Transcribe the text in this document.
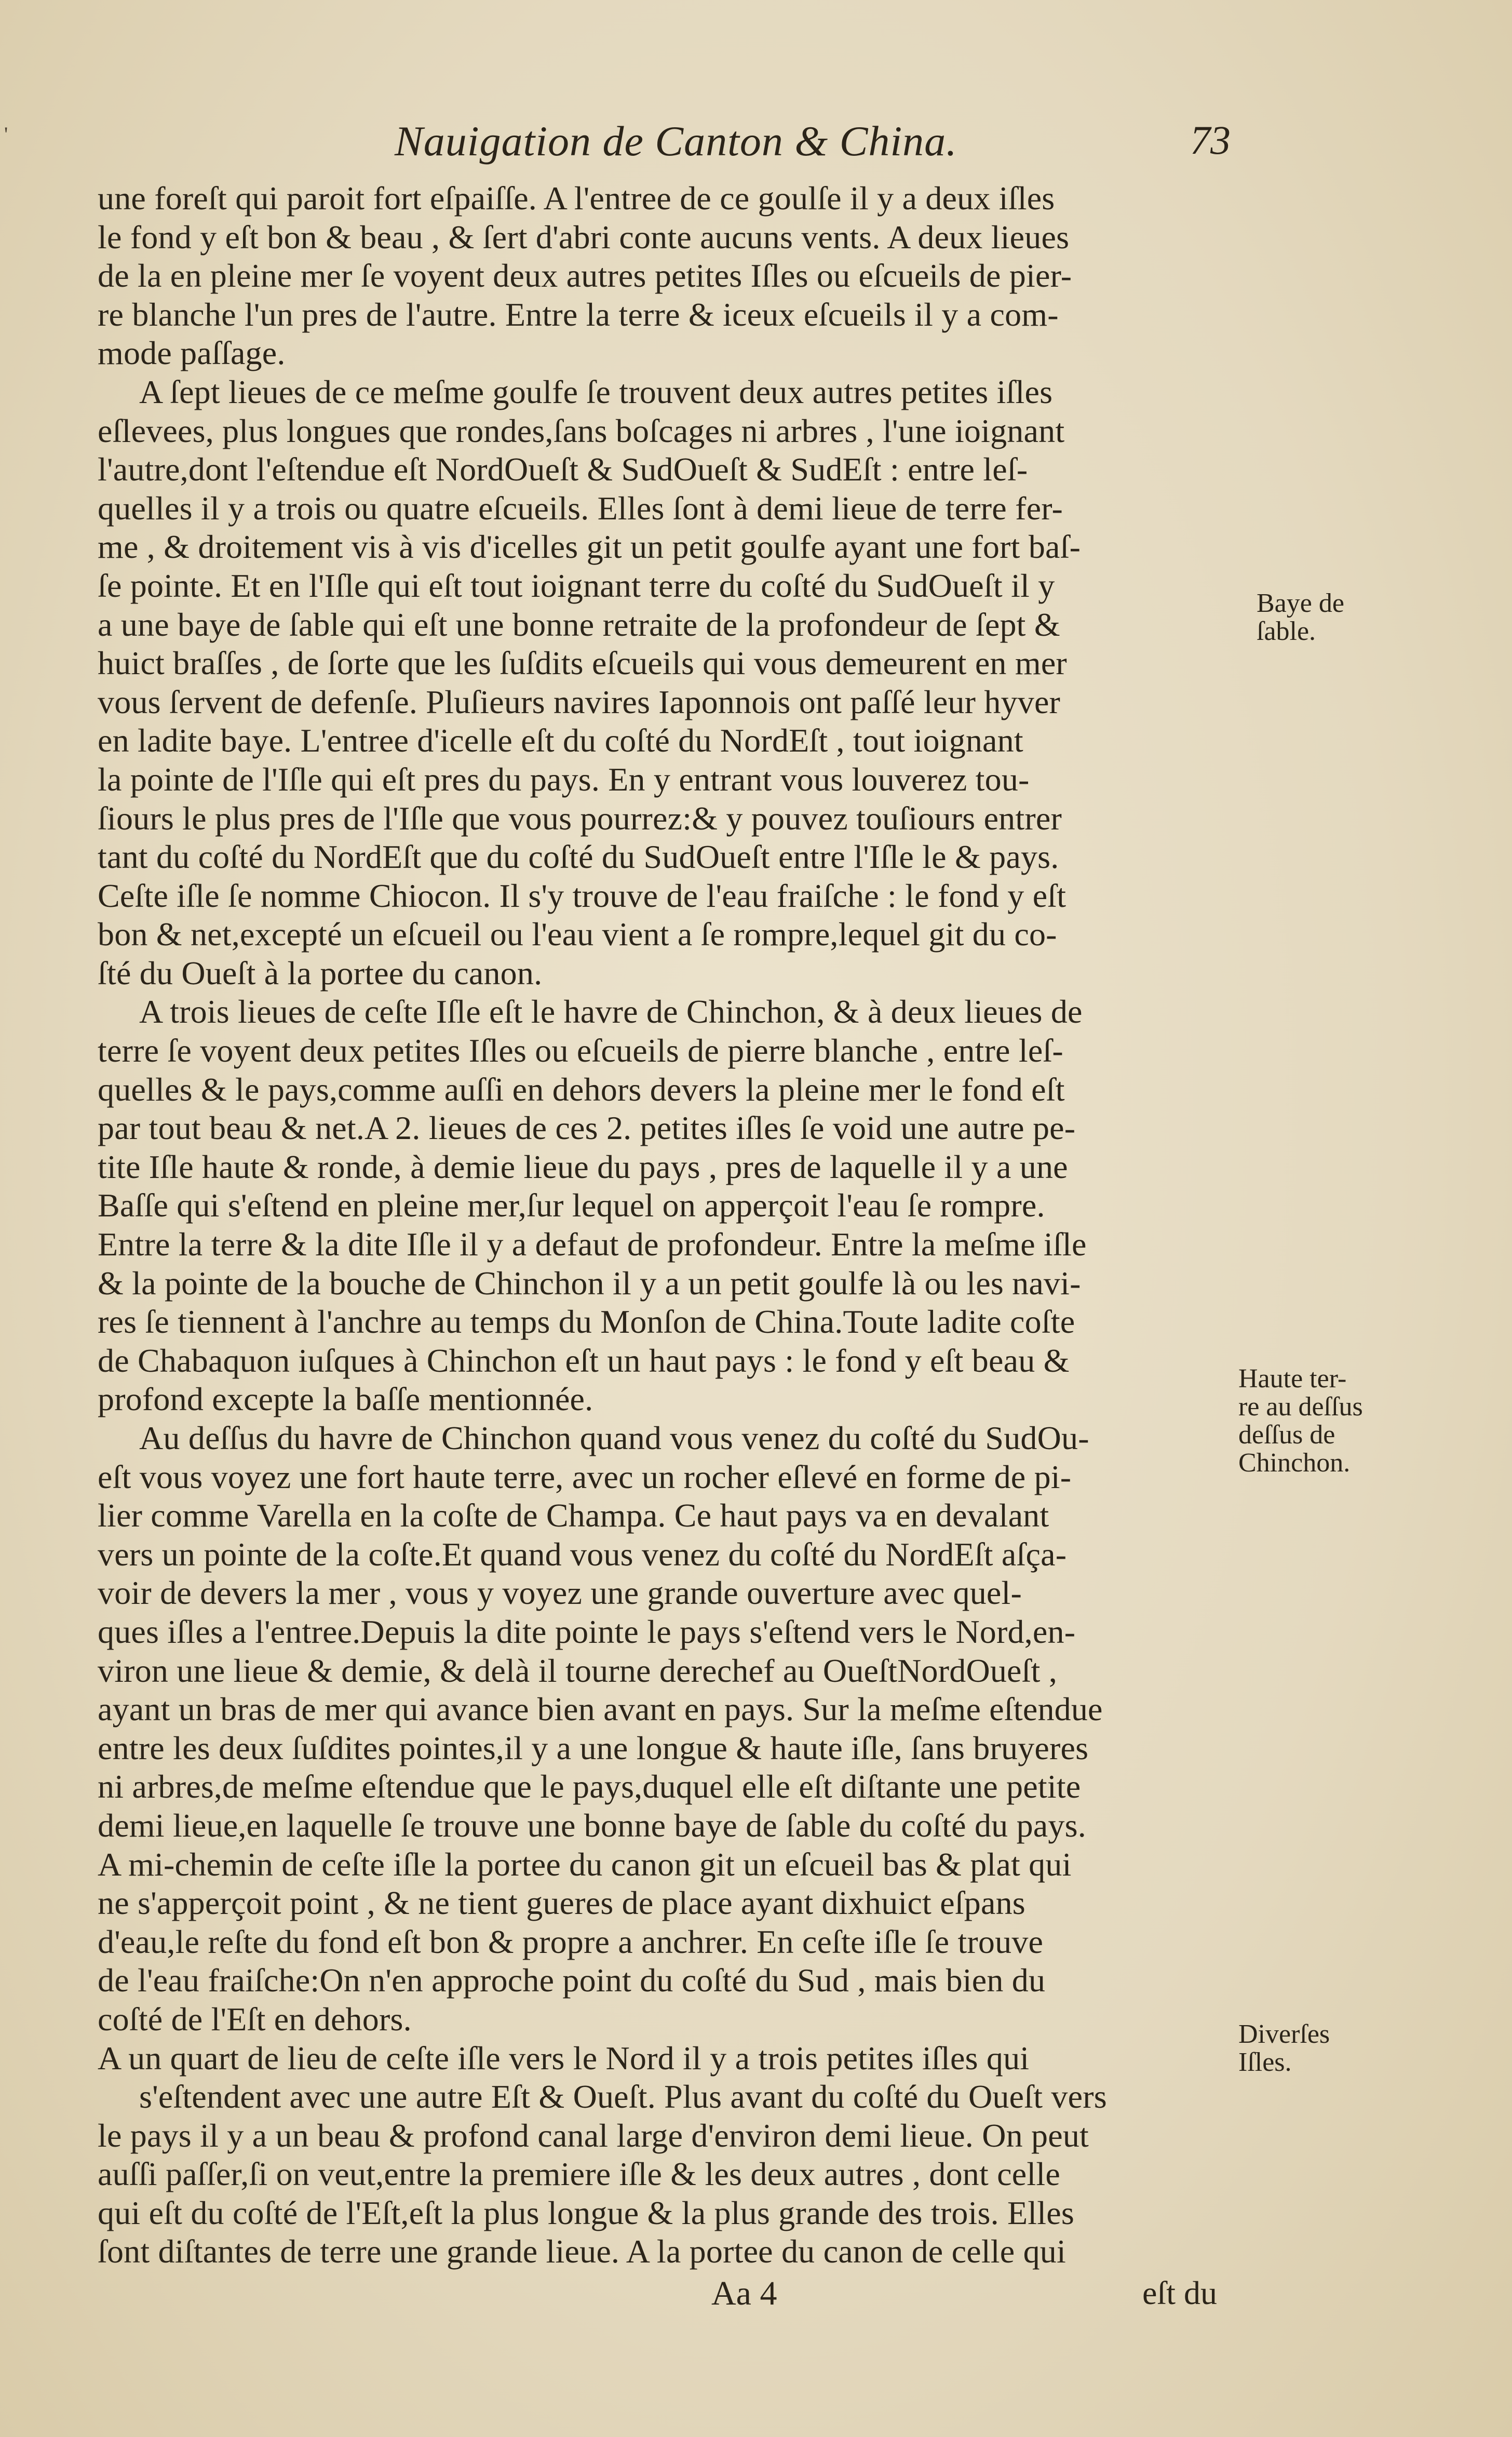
'	Nauigation de Canton & China.	73
une foreſt qui paroit fort eſpaiſſe. A l'entree de ce goulſe il y a deux iſles
le fond y eſt bon & beau , & ſert d'abri conte aucuns vents. A deux lieues
de la en pleine mer ſe voyent deux autres petites Iſles ou eſcueils de pier-
re blanche l'un pres de l'autre. Entre la terre & iceux eſcueils il y a com-
mode paſſage.
A ſept lieues de ce meſme goulfe ſe trouvent deux autres petites iſles
eſlevees, plus longues que rondes,ſans boſcages ni arbres , l'une ioignant
l'autre,dont l'eſtendue eſt NordOueſt & SudOueſt & SudEſt : entre leſ-
quelles il y a trois ou quatre eſcueils. Elles ſont à demi lieue de terre fer-
me , & droitement vis à vis d'icelles git un petit goulfe ayant une fort baſ-
ſe pointe. Et en l'Iſle qui eſt tout ioignant terre du coſté du SudOueſt il y
a une baye de ſable qui eſt une bonne retraite de la profondeur de ſept &
huict braſſes , de ſorte que les ſuſdits eſcueils qui vous demeurent en mer
vous ſervent de defenſe. Pluſieurs navires Iaponnois ont paſſé leur hyver
en ladite baye. L'entree d'icelle eſt du coſté du NordEſt , tout ioignant
la pointe de l'Iſle qui eſt pres du pays. En y entrant vous louverez tou-
ſiours le plus pres de l'Iſle que vous pourrez:& y pouvez touſiours entrer
tant du coſté du NordEſt que du coſté du SudOueſt entre l'Iſle le & pays.
Ceſte iſle ſe nomme Chiocon. Il s'y trouve de l'eau fraiſche : le fond y eſt
bon & net,excepté un eſcueil ou l'eau vient a ſe rompre,lequel git du co-
ſté du Oueſt à la portee du canon.
A trois lieues de ceſte Iſle eſt le havre de Chinchon, & à deux lieues de
terre ſe voyent deux petites Iſles ou eſcueils de pierre blanche , entre leſ-
quelles & le pays,comme auſſi en dehors devers la pleine mer le fond eſt
par tout beau & net.A 2. lieues de ces 2. petites iſles ſe void une autre pe-
tite Iſle haute & ronde, à demie lieue du pays , pres de laquelle il y a une
Baſſe qui s'eſtend en pleine mer,ſur lequel on apperçoit l'eau ſe rompre.
Entre la terre & la dite Iſle il y a defaut de profondeur. Entre la meſme iſle
& la pointe de la bouche de Chinchon il y a un petit goulfe là ou les navi-
res ſe tiennent à l'anchre au temps du Monſon de China.Toute ladite coſte
de Chabaquon iuſques à Chinchon eſt un haut pays : le fond y eſt beau &
profond excepte la baſſe mentionnée.
Au deſſus du havre de Chinchon quand vous venez du coſté du SudOu-
eſt vous voyez une fort haute terre, avec un rocher eſlevé en forme de pi-
lier comme Varella en la coſte de Champa. Ce haut pays va en devalant
vers un pointe de la coſte.Et quand vous venez du coſté du NordEſt aſça-
voir de devers la mer , vous y voyez une grande ouverture avec quel-
ques iſles a l'entree.Depuis la dite pointe le pays s'eſtend vers le Nord,en-
viron une lieue & demie, & delà il tourne derechef au OueſtNordOueſt ,
ayant un bras de mer qui avance bien avant en pays. Sur la meſme eſtendue
entre les deux ſuſdites pointes,il y a une longue & haute iſle, ſans bruyeres
ni arbres,de meſme eſtendue que le pays,duquel elle eſt diſtante une petite
demi lieue,en laquelle ſe trouve une bonne baye de ſable du coſté du pays.
A mi-chemin de ceſte iſle la portee du canon git un eſcueil bas & plat qui
ne s'apperçoit point , & ne tient gueres de place ayant dixhuict eſpans
d'eau,le reſte du fond eſt bon & propre a anchrer. En ceſte iſle ſe trouve
de l'eau fraiſche:On n'en approche point du coſté du Sud , mais bien du
coſté de l'Eſt en dehors.
A un quart de lieu de ceſte iſle vers le Nord il y a trois petites iſles qui
s'eſtendent avec une autre Eſt & Oueſt. Plus avant du coſté du Oueſt vers
le pays il y a un beau & profond canal large d'environ demi lieue. On peut
auſſi paſſer,ſi on veut,entre la premiere iſle & les deux autres , dont celle
qui eſt du coſté de l'Eſt,eſt la plus longue & la plus grande des trois. Elles
ſont diſtantes de terre une grande lieue. A la portee du canon de celle qui
Baye de
ſable.
Haute ter-
re au deſſus
deſſus de
Chinchon.
Diverſes
Iſles.
Aa 4	eſt du
